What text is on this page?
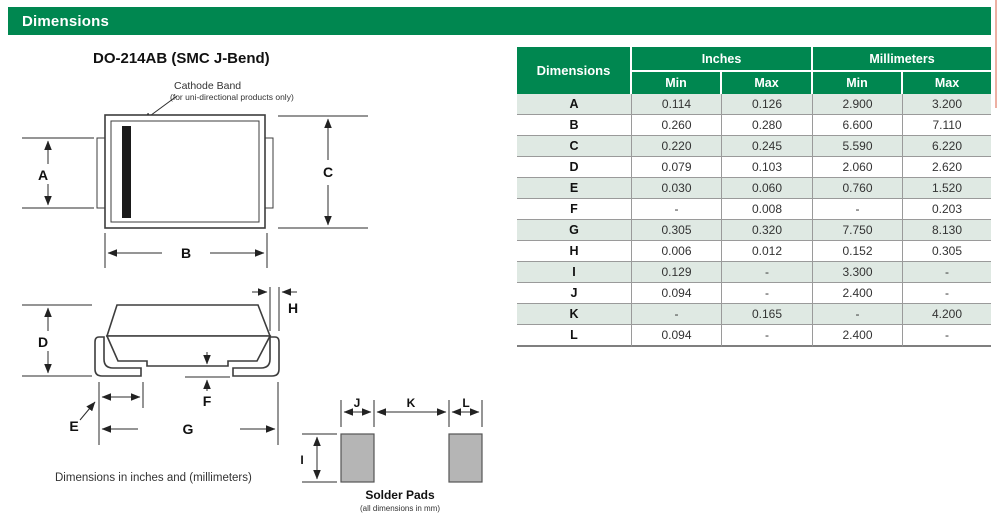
Dimensions
DO-214AB (SMC J-Bend)
Cathode Band
(for uni-directional products only)
A	C
B
D
H
E	G
F
Dimensions in inches and (millimeters)
J	K	L
I
Solder Pads
(all dimensions in mm)
Dimensions	Inches		Millimeters	
	Min	Max	Min	Max
A	0.114	0.126	2.900	3.200
B	0.260	0.280	6.600	7.110
C	0.220	0.245	5.590	6.220
D	0.079	0.103	2.060	2.620
E	0.030	0.060	0.760	1.520
F	-	0.008	-	0.203
G	0.305	0.320	7.750	8.130
H	0.006	0.012	0.152	0.305
I	0.129	-	3.300	-
J	0.094	-	2.400	-
K	-	0.165	-	4.200
L	0.094	-	2.400	-
